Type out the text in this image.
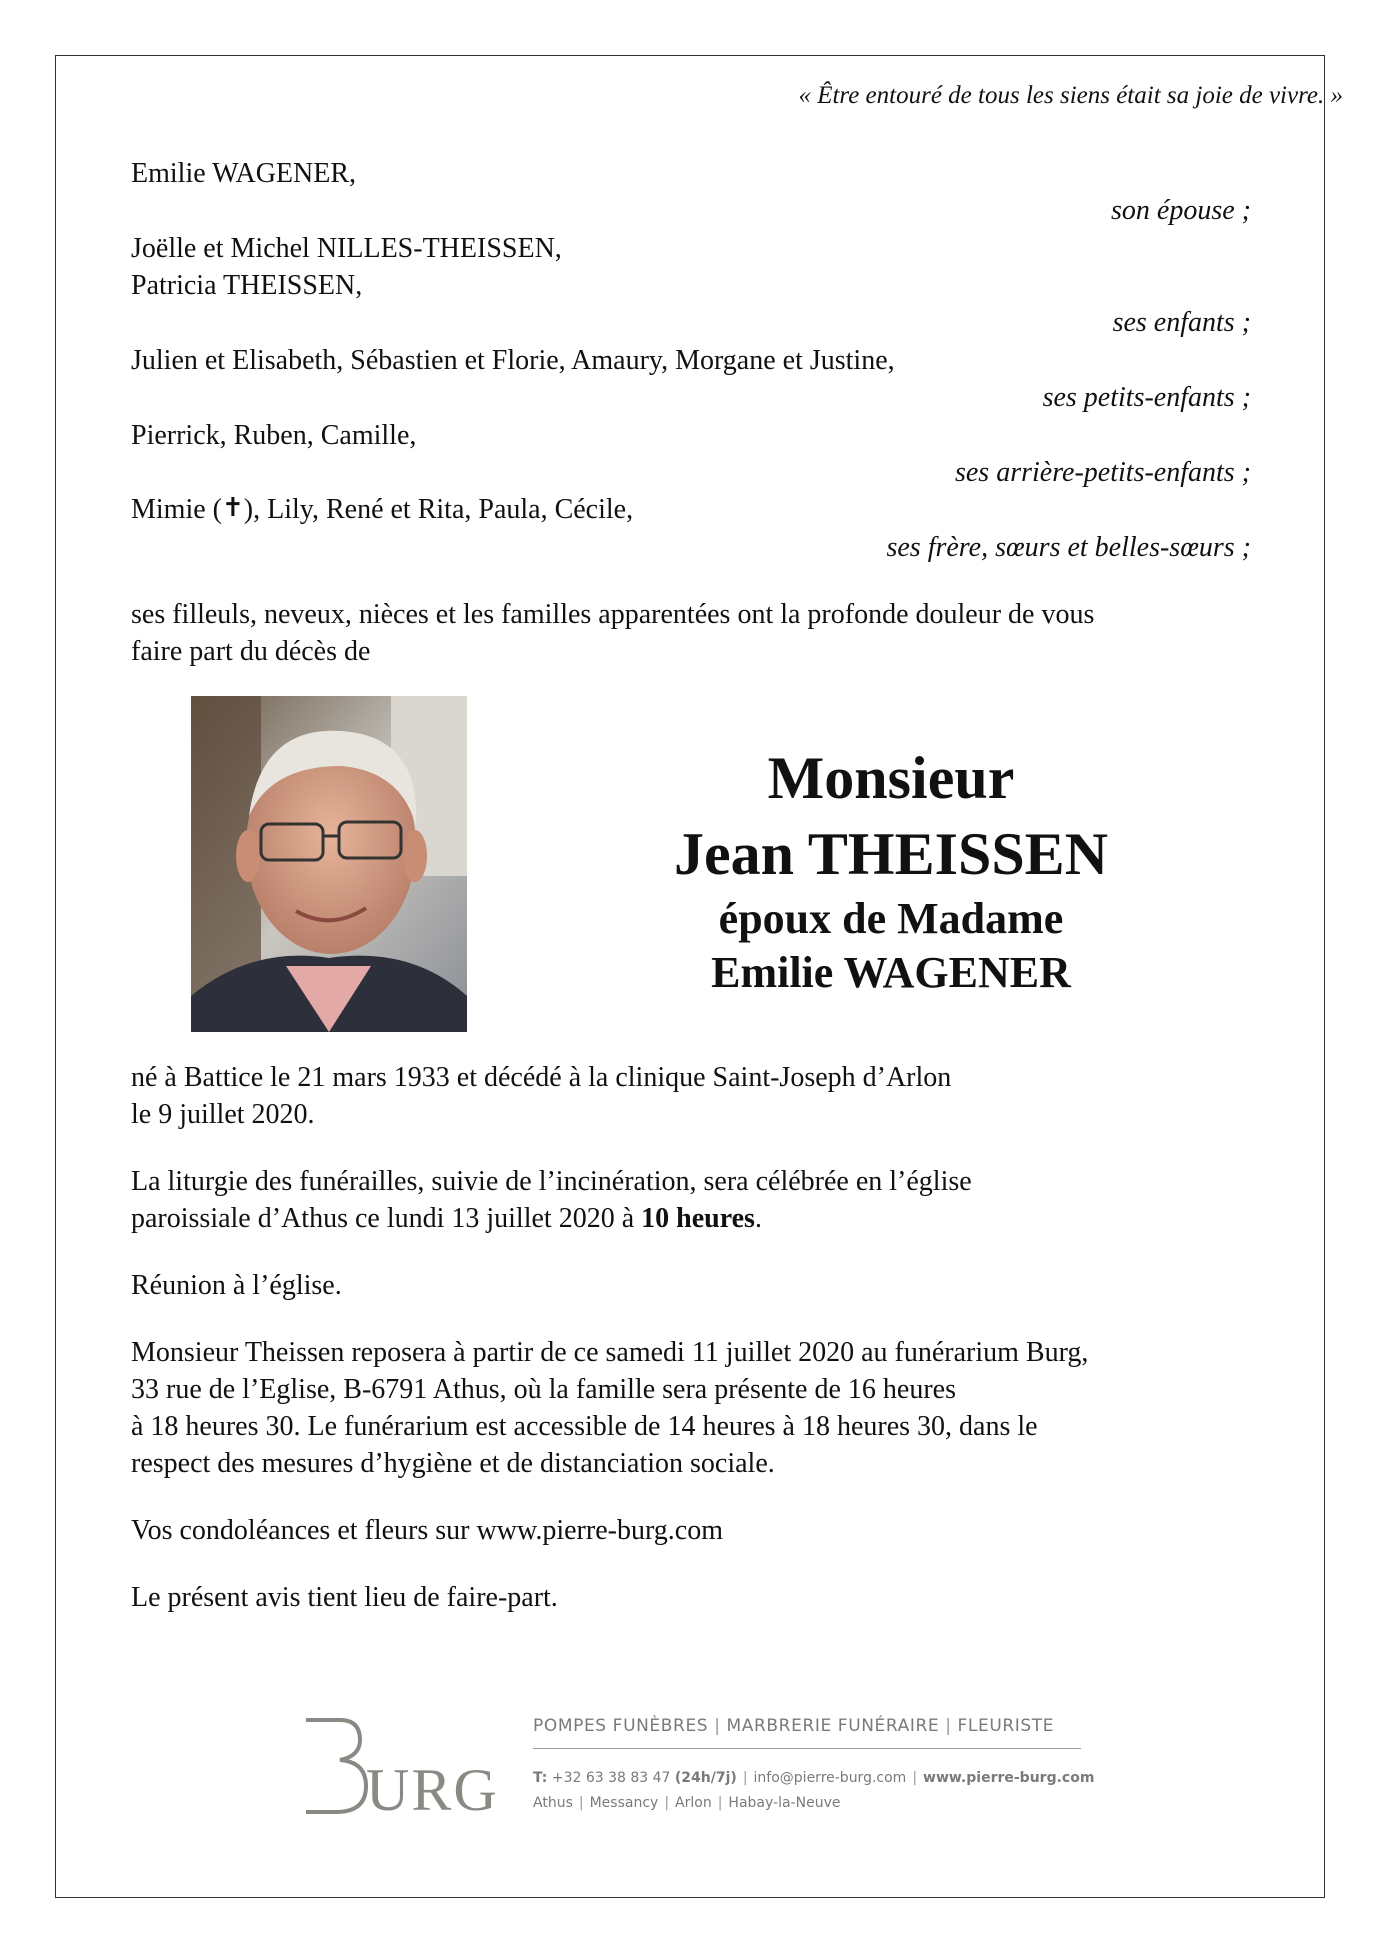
« Être entouré de tous les siens était sa joie de vivre. »
Emilie WAGENER,
son épouse ;
Joëlle et Michel NILLES-THEISSEN,
Patricia THEISSEN,
ses enfants ;
Julien et Elisabeth, Sébastien et Florie, Amaury, Morgane et Justine,
ses petits-enfants ;
Pierrick, Ruben, Camille,
ses arrière-petits-enfants ;
Mimie (✝), Lily, René et Rita, Paula, Cécile,
ses frère, sœurs et belles-sœurs ;
ses filleuls, neveux, nièces et les familles apparentées ont la profonde douleur de vous
faire part du décès de
Monsieur
Jean THEISSEN
époux de Madame
Emilie WAGENER
né à Battice le 21 mars 1933 et décédé à la clinique Saint-Joseph d’Arlon
le 9 juillet 2020.
La liturgie des funérailles, suivie de l’incinération, sera célébrée en l’église
paroissiale d’Athus ce lundi 13 juillet 2020 à 10 heures.
Réunion à l’église.
Monsieur Theissen reposera à partir de ce samedi 11 juillet 2020 au funérarium Burg,
33 rue de l’Eglise, B-6791 Athus, où la famille sera présente de 16 heures
à 18 heures 30. Le funérarium est accessible de 14 heures à 18 heures 30, dans le
respect des mesures d’hygiène et de distanciation sociale.
Vos condoléances et fleurs sur www.pierre-burg.com
Le présent avis tient lieu de faire-part.
URG
POMPES FUNÈBRES | MARBRERIE FUNÉRAIRE | FLEURISTE
T: +32 63 38 83 47 (24h/7j) | info@pierre-burg.com | www.pierre-burg.com
Athus | Messancy | Arlon | Habay-la-Neuve
